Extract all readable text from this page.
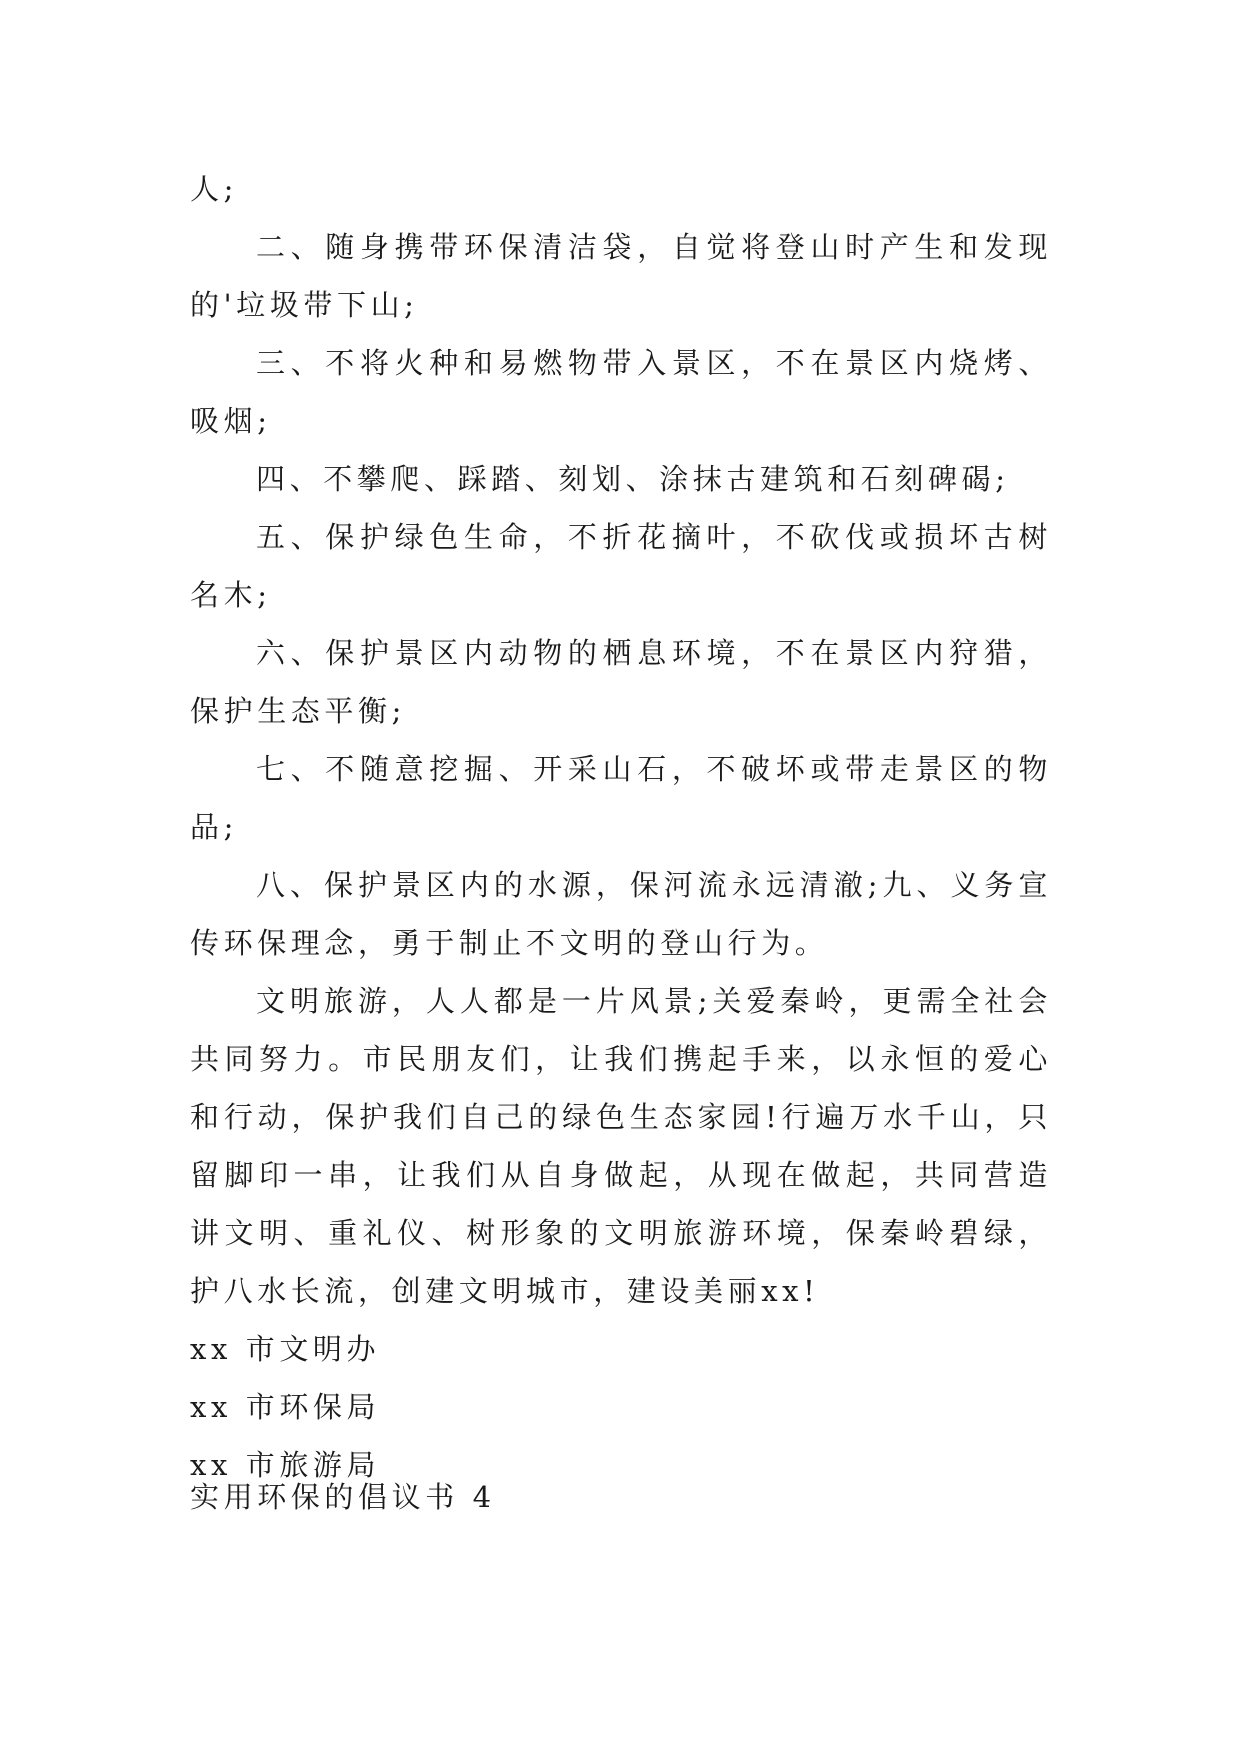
人;

二、随身携带环保清洁袋，自觉将登山时产生和发现的'垃圾带下山;

三、不将火种和易燃物带入景区，不在景区内烧烤、吸烟;

四、不攀爬、踩踏、刻划、涂抹古建筑和石刻碑碣;

五、保护绿色生命，不折花摘叶，不砍伐或损坏古树名木;

六、保护景区内动物的栖息环境，不在景区内狩猎，保护生态平衡;

七、不随意挖掘、开采山石，不破坏或带走景区的物品;

八、保护景区内的水源，保河流永远清澈;九、义务宣传环保理念，勇于制止不文明的登山行为。

文明旅游，人人都是一片风景;关爱秦岭，更需全社会共同努力。市民朋友们，让我们携起手来，以永恒的爱心和行动，保护我们自己的绿色生态家园!行遍万水千山，只留脚印一串，让我们从自身做起，从现在做起，共同营造讲文明、重礼仪、树形象的文明旅游环境，保秦岭碧绿，护八水长流，创建文明城市，建设美丽xx!

xx 市文明办

xx 市环保局

xx 市旅游局

实用环保的倡议书 4
